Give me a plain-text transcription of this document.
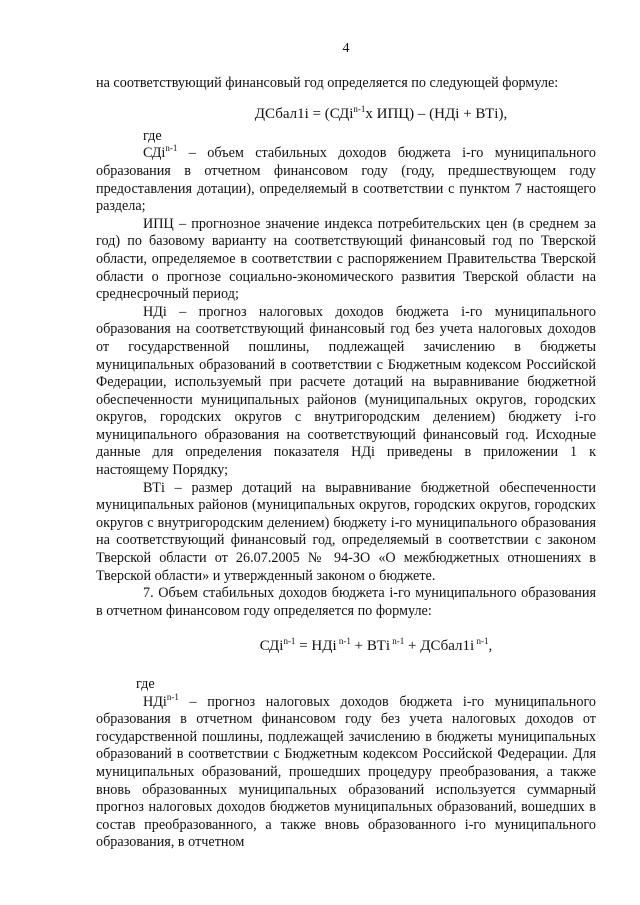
4

на соответствующий финансовый год определяется по следующей формуле:

ДСбал1i = (СДi$^{n-1}$х ИПЦ) – (НДi + ВТi),

где

СДi$^{n-1}$ – объем стабильных доходов бюджета i-го муниципального образования в отчетном финансовом году (году, предшествующем году предоставления дотации), определяемый в соответствии с пунктом 7 настоящего раздела;

ИПЦ – прогнозное значение индекса потребительских цен (в среднем за год) по базовому варианту на соответствующий финансовый год по Тверской области, определяемое в соответствии с распоряжением Правительства Тверской области о прогнозе социально-экономического развития Тверской области на среднесрочный период;

НДi – прогноз налоговых доходов бюджета i-го муниципального образования на соответствующий финансовый год без учета налоговых доходов от государственной пошлины, подлежащей зачислению в бюджеты муниципальных образований в соответствии с Бюджетным кодексом Российской Федерации, используемый при расчете дотаций на выравнивание бюджетной обеспеченности муниципальных районов (муниципальных округов, городских округов, городских округов с внутригородским делением) бюджету i-го муниципального образования на соответствующий финансовый год. Исходные данные для определения показателя НДi приведены в приложении 1 к настоящему Порядку;

ВТi – размер дотаций на выравнивание бюджетной обеспеченности муниципальных районов (муниципальных округов, городских округов, городских округов с внутригородским делением) бюджету i-го муниципального образования на соответствующий финансовый год, определяемый в соответствии с законом Тверской области от 26.07.2005 № 94-ЗО «О межбюджетных отношениях в Тверской области» и утвержденный законом о бюджете.

7. Объем стабильных доходов бюджета i-го муниципального образования в отчетном финансовом году определяется по формуле:

СДi$^{n-1}$ = НДi $^{n-1}$ + ВТi $^{n-1}$ + ДСбал1i $^{n-1}$,

где

НДi$^{n-1}$ – прогноз налоговых доходов бюджета i-го муниципального образования в отчетном финансовом году без учета налоговых доходов от государственной пошлины, подлежащей зачислению в бюджеты муниципальных образований в соответствии с Бюджетным кодексом Российской Федерации. Для муниципальных образований, прошедших процедуру преобразования, а также вновь образованных муниципальных образований используется суммарный прогноз налоговых доходов бюджетов муниципальных образований, вошедших в состав преобразованного, а также вновь образованного i-го муниципального образования, в отчетном
